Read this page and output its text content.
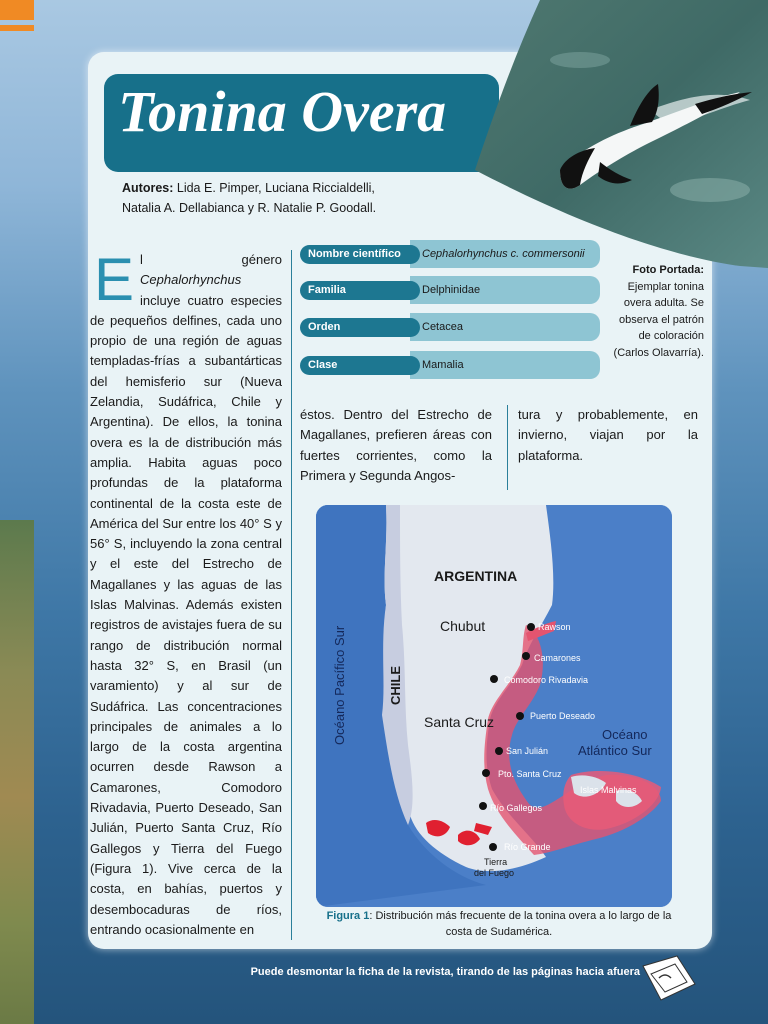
Tonina Overa
Autores: Lida E. Pimper, Luciana Riccialdelli,
Natalia A. Dellabianca y R. Natalie P. Goodall.
El género Cephalorhynchus incluye cuatro especies de pequeños delfines, cada uno propio de una región de aguas templadas-frías a subantárticas del hemisferio sur (Nueva Zelandia, Sudáfrica, Chile y Argentina). De ellos, la tonina overa es la de distribución más amplia. Habita aguas poco profundas de la plataforma continental de la costa este de América del Sur entre los 40° S y 56° S, incluyendo la zona central y el este del Estrecho de Magallanes y las aguas de las Islas Malvinas. Además existen registros de avistajes fuera de su rango de distribución normal hasta 32° S, en Brasil (un varamiento) y al sur de Sudáfrica. Las concentraciones principales de animales a lo largo de la costa argentina ocurren desde Rawson a Camarones, Comodoro Rivadavia, Puerto Deseado, San Julián, Puerto Santa Cruz, Río Gallegos y Tierra del Fuego (Figura 1). Vive cerca de la costa, en bahías, puertos y desembocaduras de ríos, entrando ocasionalmente en
Cephalorhynchus c. commersonii
Nombre científico
Delphinidae
Familia
Cetacea
Orden
Mamalia
Clase
Foto Portada:
Ejemplar tonina overa adulta. Se observa el patrón de coloración (Carlos Olavarría).
éstos. Dentro del Estrecho de Magallanes, prefieren áreas con fuertes corrientes, como la Primera y Segunda Angos-
tura y probablemente, en invierno, viajan por la plataforma.
ARGENTINA
Chubut
CHILE
Santa Cruz
Océano Pacífico Sur	Océano
Atlántico Sur
Islas Malvinas
Tierra
del Fuego
Rawson
Camarones
Comodoro Rivadavia
Puerto Deseado
San Julián
Pto. Santa Cruz
Río Gallegos
Río Grande
Figura 1: Distribución más frecuente de la tonina overa a lo largo de la costa de Sudamérica.
Puede desmontar la ficha de la revista, tirando de las páginas hacia afuera
